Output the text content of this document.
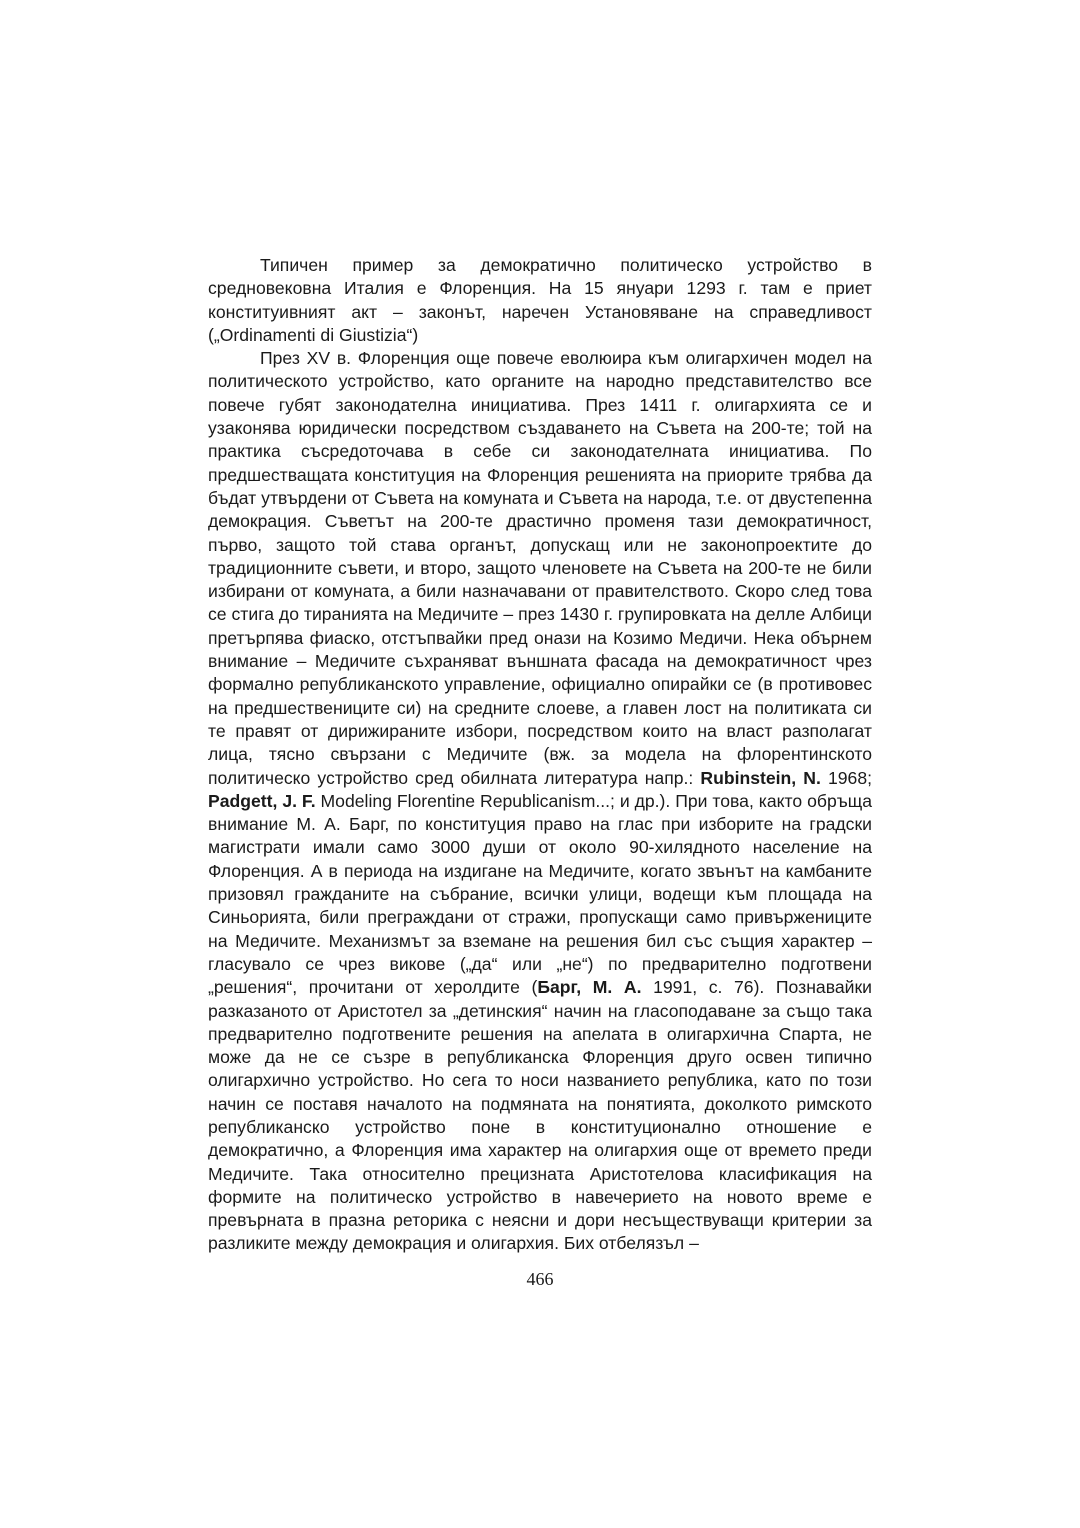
Типичен пример за демократично политическо устройство в средновековна Италия е Флоренция. На 15 януари 1293 г. там е приет конституивният акт – законът, наречен Установяване на справедливост („Ordinamenti di Giustizia“)

През XV в. Флоренция още повече еволюира към олигархичен модел на политическото устройство, като органите на народно представителство все повече губят законодателна инициатива. През 1411 г. олигархията се и узаконява юридически посредством създаването на Съвета на 200-те; той на практика съсредоточава в себе си законодателната инициатива. По предшестващата конституция на Флоренция решенията на приорите трябва да бъдат утвърдени от Съвета на комуната и Съвета на народа, т.е. от двустепенна демокрация. Съветът на 200-те драстично променя тази демократичност, първо, защото той става органът, допускащ или не законопроектите до традиционните съвети, и второ, защото членовете на Съвета на 200-те не били избирани от комуната, а били назначавани от правителството. Скоро след това се стига до тиранията на Медичите – през 1430 г. групировката на делле Албици претърпява фиаско, отстъпвайки пред онази на Козимо Медичи. Нека обърнем внимание – Медичите съхраняват външната фасада на демократичност чрез формално републиканското управление, официално опирайки се (в противовес на предшествениците си) на средните слоеве, а главен лост на политиката си те правят от дирижираните избори, посредством които на власт разполагат лица, тясно свързани с Медичите (вж. за модела на флорентинското политическо устройство сред обилната литература напр.: Rubinstein, N. 1968; Padgett, J. F. Modeling Florentine Republicanism...; и др.). При това, както обръща внимание М. А. Барг, по конституция право на глас при изборите на градски магистрати имали само 3000 души от около 90-хилядното население на Флоренция. А в периода на издигане на Медичите, когато звънът на камбаните призовял гражданите на събрание, всички улици, водещи към площада на Синьорията, били преграждани от стражи, пропускащи само привържениците на Медичите. Механизмът за вземане на решения бил със същия характер – гласувало се чрез викове („да“ или „не“) по предварително подготвени „решения“, прочитани от херолдите (Барг, М. А. 1991, с. 76). Познавайки разказаното от Аристотел за „детинския“ начин на гласоподаване за също така предварително подготвените решения на апелата в олигархична Спарта, не може да не се съзре в републиканска Флоренция друго освен типично олигархично устройство. Но сега то носи названието република, като по този начин се поставя началото на подмяната на понятията, доколкото римското републиканско устройство поне в конституционално отношение е демократично, а Флоренция има характер на олигархия още от времето преди Медичите. Така относително прецизната Аристотелова класификация на формите на политическо устройство в навечерието на новото време е превърната в празна реторика с неясни и дори несъществуващи критерии за разликите между демокрация и олигархия. Бих отбелязъл –

466
